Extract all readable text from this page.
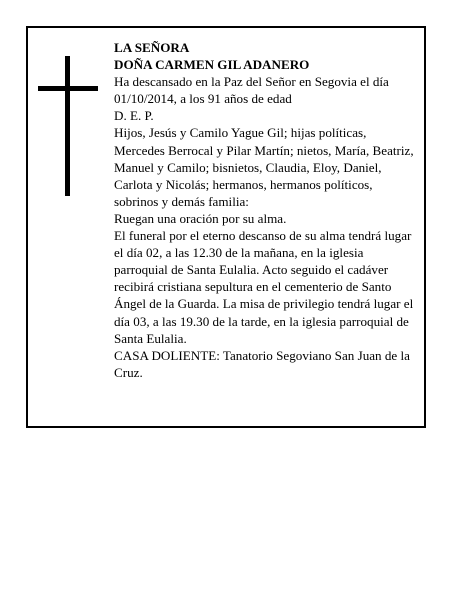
LA SEÑORA

DOÑA CARMEN GIL ADANERO

Ha descansado en la Paz del Señor en Segovia el día 01/10/2014, a los 91 años de edad

D. E. P.

Hijos, Jesús y Camilo Yague Gil; hijas políticas, Mercedes Berrocal y Pilar Martín; nietos, María, Beatriz, Manuel y Camilo; bisnietos, Claudia, Eloy, Daniel, Carlota y Nicolás; hermanos, hermanos políticos, sobrinos y demás familia:

Ruegan una oración por su alma.

El funeral por el eterno descanso de su alma tendrá lugar el día 02, a las 12.30 de la mañana, en la iglesia parroquial de Santa Eulalia. Acto seguido el cadáver recibirá cristiana sepultura en el cementerio de Santo Ángel de la Guarda. La misa de privilegio tendrá lugar el día 03, a las 19.30 de la tarde, en la iglesia parroquial de Santa Eulalia.

CASA DOLIENTE: Tanatorio Segoviano San Juan de la Cruz.
